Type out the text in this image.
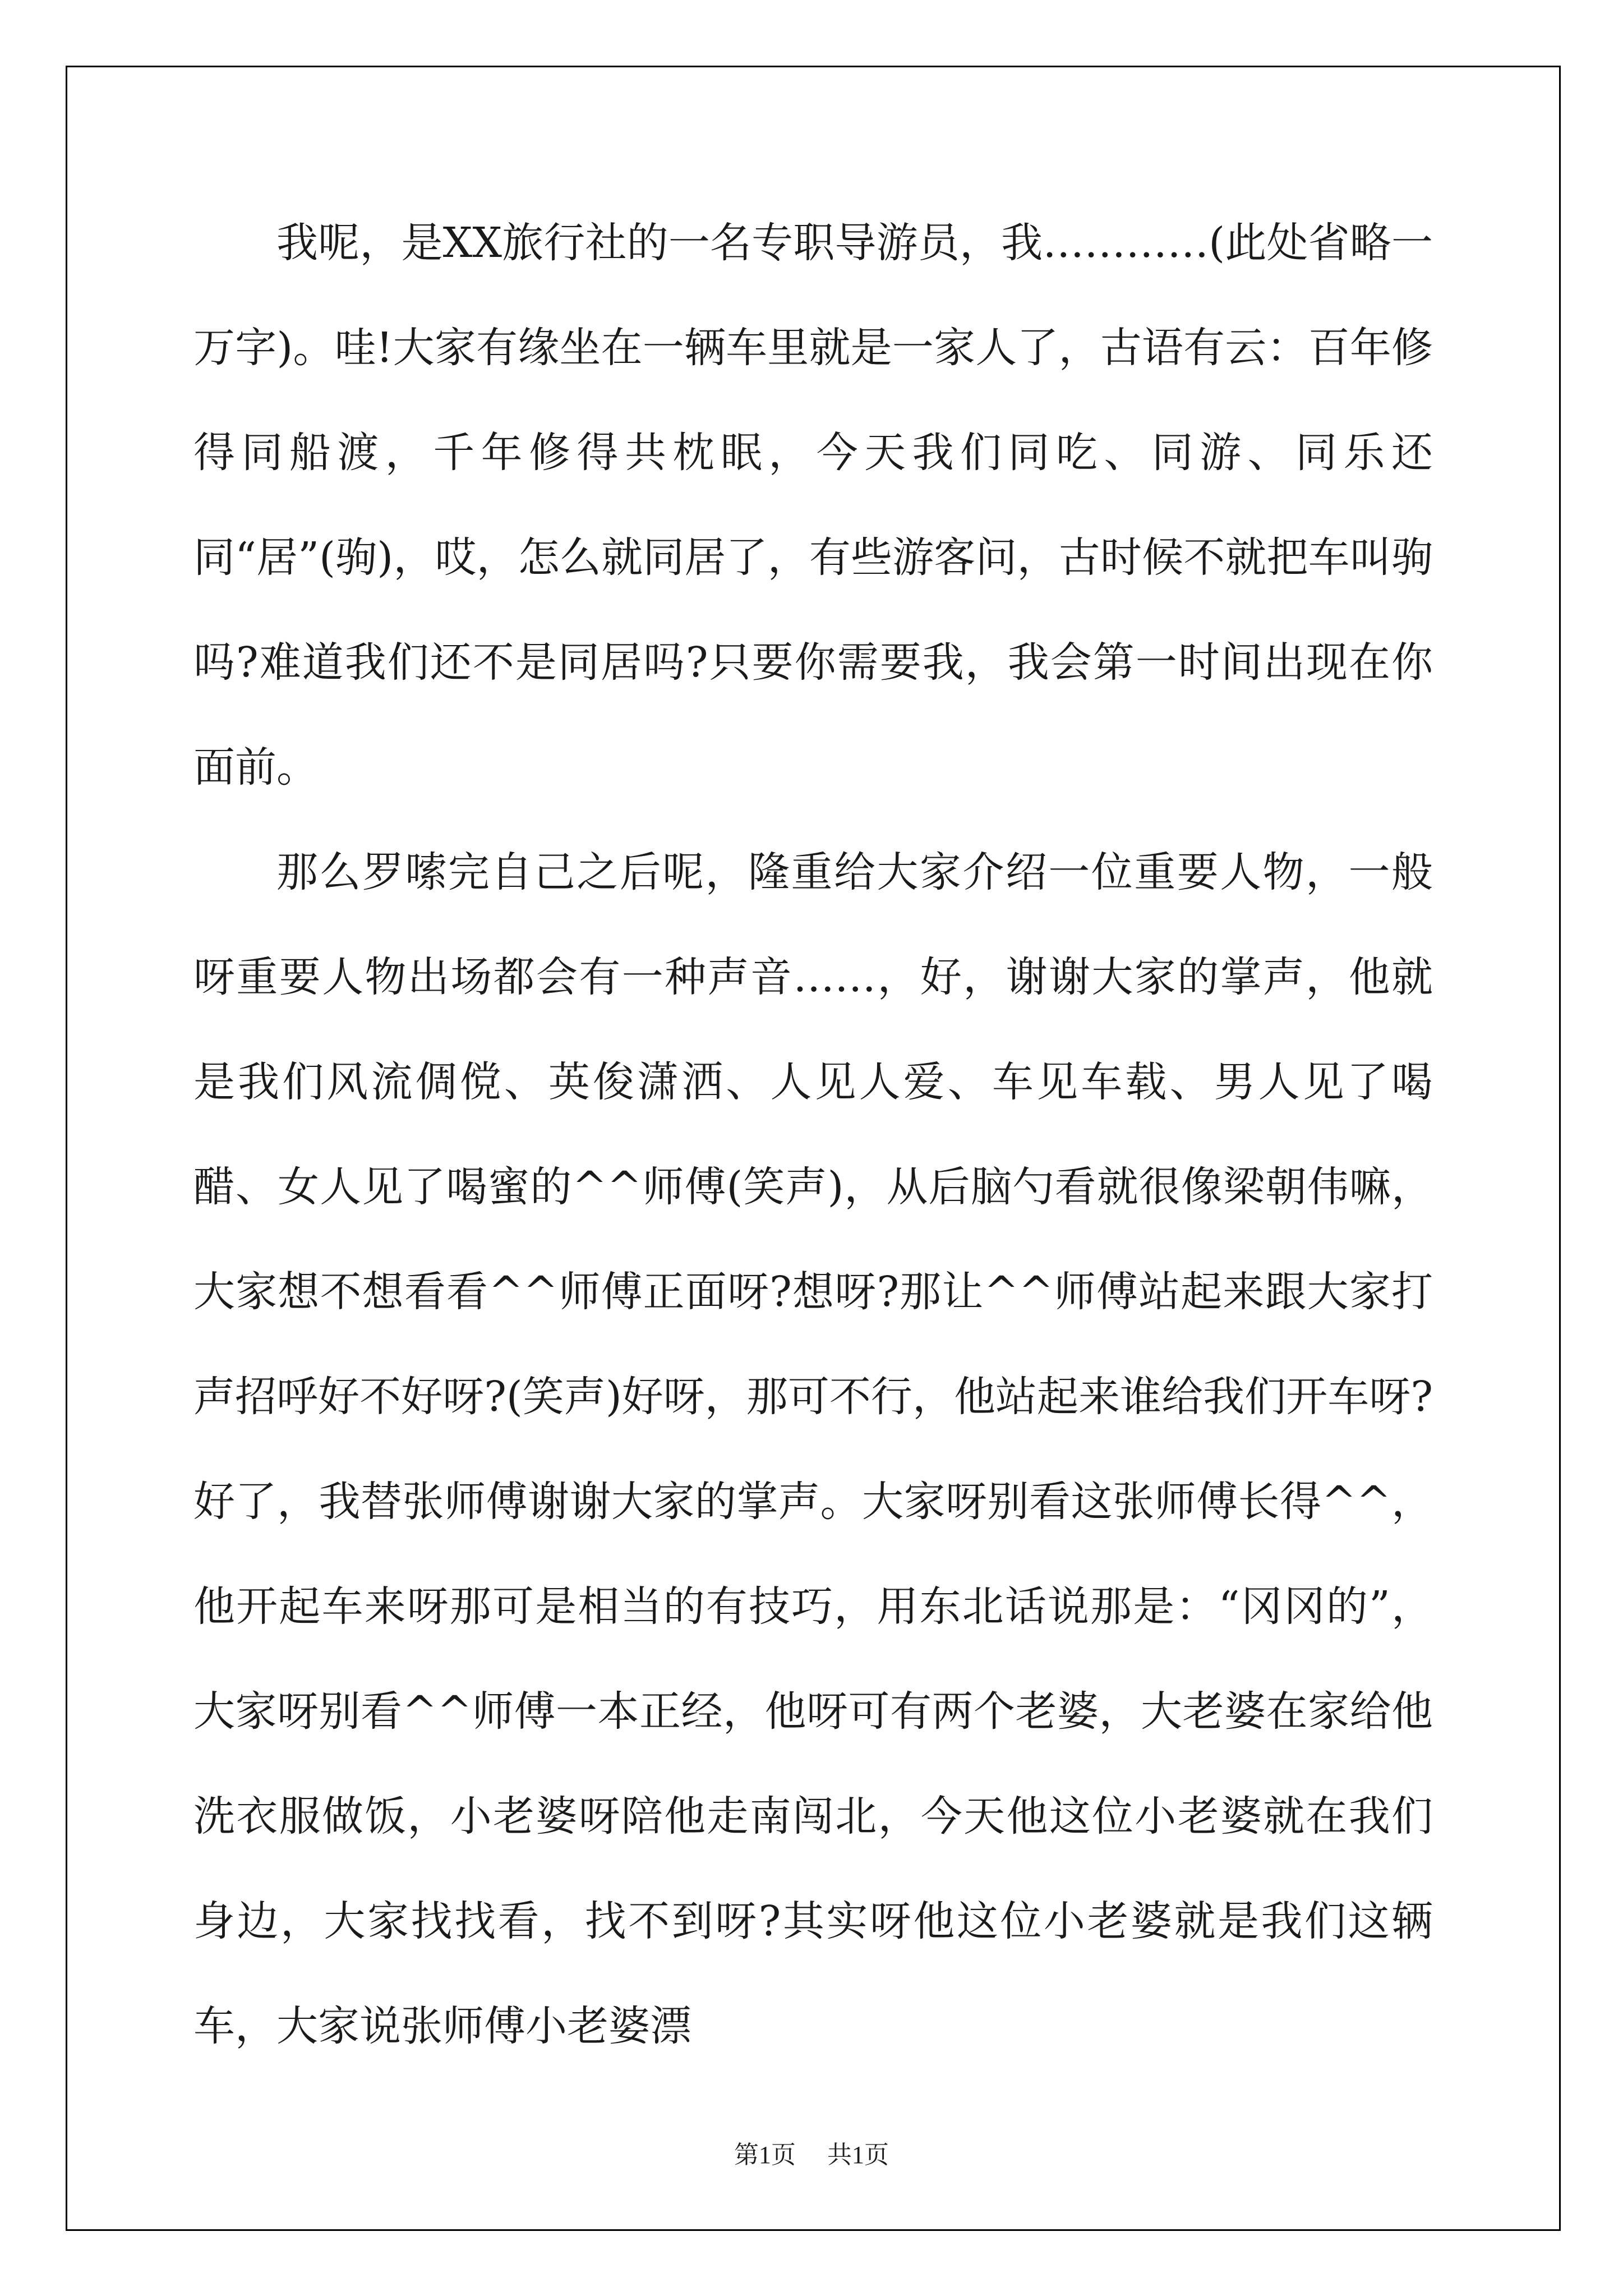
我呢，是XX旅行社的一名专职导游员，我…………(此处省略一万字)。哇!大家有缘坐在一辆车里就是一家人了，古语有云：百年修得同船渡，千年修得共枕眠，今天我们同吃、同游、同乐还同“居”(驹)，哎，怎么就同居了，有些游客问，古时候不就把车叫驹吗?难道我们还不是同居吗?只要你需要我，我会第一时间出现在你面前。

那么罗嗦完自己之后呢，隆重给大家介绍一位重要人物，一般呀重要人物出场都会有一种声音……，好，谢谢大家的掌声，他就是我们风流倜傥、英俊潇洒、人见人爱、车见车载、男人见了喝醋、女人见了喝蜜的^^师傅(笑声)，从后脑勺看就很像梁朝伟嘛，大家想不想看看^^师傅正面呀?想呀?那让^^师傅站起来跟大家打声招呼好不好呀?(笑声)好呀，那可不行，他站起来谁给我们开车呀?好了，我替张师傅谢谢大家的掌声。大家呀别看这张师傅长得^^，他开起车来呀那可是相当的有技巧，用东北话说那是：“冈冈的”，大家呀别看^^师傅一本正经，他呀可有两个老婆，大老婆在家给他洗衣服做饭，小老婆呀陪他走南闯北，今天他这位小老婆就在我们身边，大家找找看，找不到呀?其实呀他这位小老婆就是我们这辆车，大家说张师傅小老婆漂

第1页 共1页
